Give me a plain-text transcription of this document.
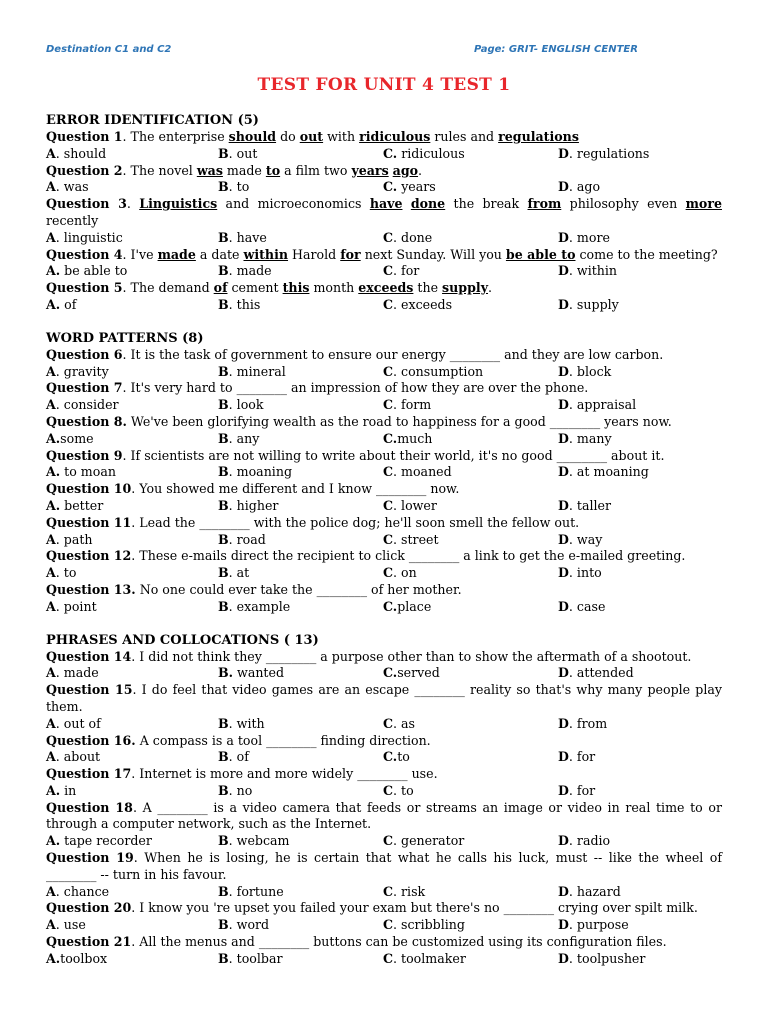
Destination C1 and C2	Page: GRIT- ENGLISH CENTER
TEST FOR UNIT 4 TEST 1
ERROR IDENTIFICATION (5)
Question 1. The enterprise should do out with ridiculous rules and regulations
A. should	B. out	C. ridiculous	D. regulations
Question 2. The novel was made to a film two years ago.
A. was	B. to	C. years	D. ago
Question 3. Linguistics and microeconomics have done the break from philosophy even more recently
A. linguistic	B. have	C. done	D. more
Question 4. I've made a date within Harold for next Sunday. Will you be able to come to the meeting?
A. be able to	B. made	C. for	D. within
Question 5. The demand of cement this month exceeds the supply.
A. of	B. this	C. exceeds	D. supply
WORD PATTERNS (8)
Question 6. It is the task of government to ensure our energy ________ and they are low carbon.
A. gravity	B. mineral	C. consumption	D. block
Question 7. It's very hard to ________ an impression of how they are over the phone.
A. consider	B. look	C. form	D. appraisal
Question 8. We've been glorifying wealth as the road to happiness for a good ________ years now.
A.some	B. any	C.much	D. many
Question 9. If scientists are not willing to write about their world, it's no good ________ about it.
A. to moan	B. moaning	C. moaned	D. at moaning
Question 10. You showed me different and I know ________ now.
A. better	B. higher	C. lower	D. taller
Question 11. Lead the ________ with the police dog; he'll soon smell the fellow out.
A. path	B. road	C. street	D. way
Question 12. These e-mails direct the recipient to click ________ a link to get the e-mailed greeting.
A. to	B. at	C. on	D. into
Question 13. No one could ever take the ________ of her mother.
A. point	B. example	C.place	D. case
PHRASES AND COLLOCATIONS ( 13)
Question 14. I did not think they ________ a purpose other than to show the aftermath of a shootout.
A. made	B. wanted	C.served	D. attended
Question 15. I do feel that video games are an escape ________ reality so that's why many people play them.
A. out of	B. with	C. as	D. from
Question 16. A compass is a tool ________ finding direction.
A. about	B. of	C.to	D. for
Question 17. Internet is more and more widely ________ use.
A. in	B. no	C. to	D. for
Question 18. A ________ is a video camera that feeds or streams an image or video in real time to or through a computer network, such as the Internet.
A. tape recorder	B. webcam	C. generator	D. radio
Question 19. When he is losing, he is certain that what he calls his luck, must -- like the wheel of ________ -- turn in his favour.
A. chance	B. fortune	C. risk	D. hazard
Question 20. I know you 're upset you failed your exam but there's no ________ crying over spilt milk.
A. use	B. word	C. scribbling	D. purpose
Question 21. All the menus and ________ buttons can be customized using its configuration files.
A.toolbox	B. toolbar	C. toolmaker	D. toolpusher
